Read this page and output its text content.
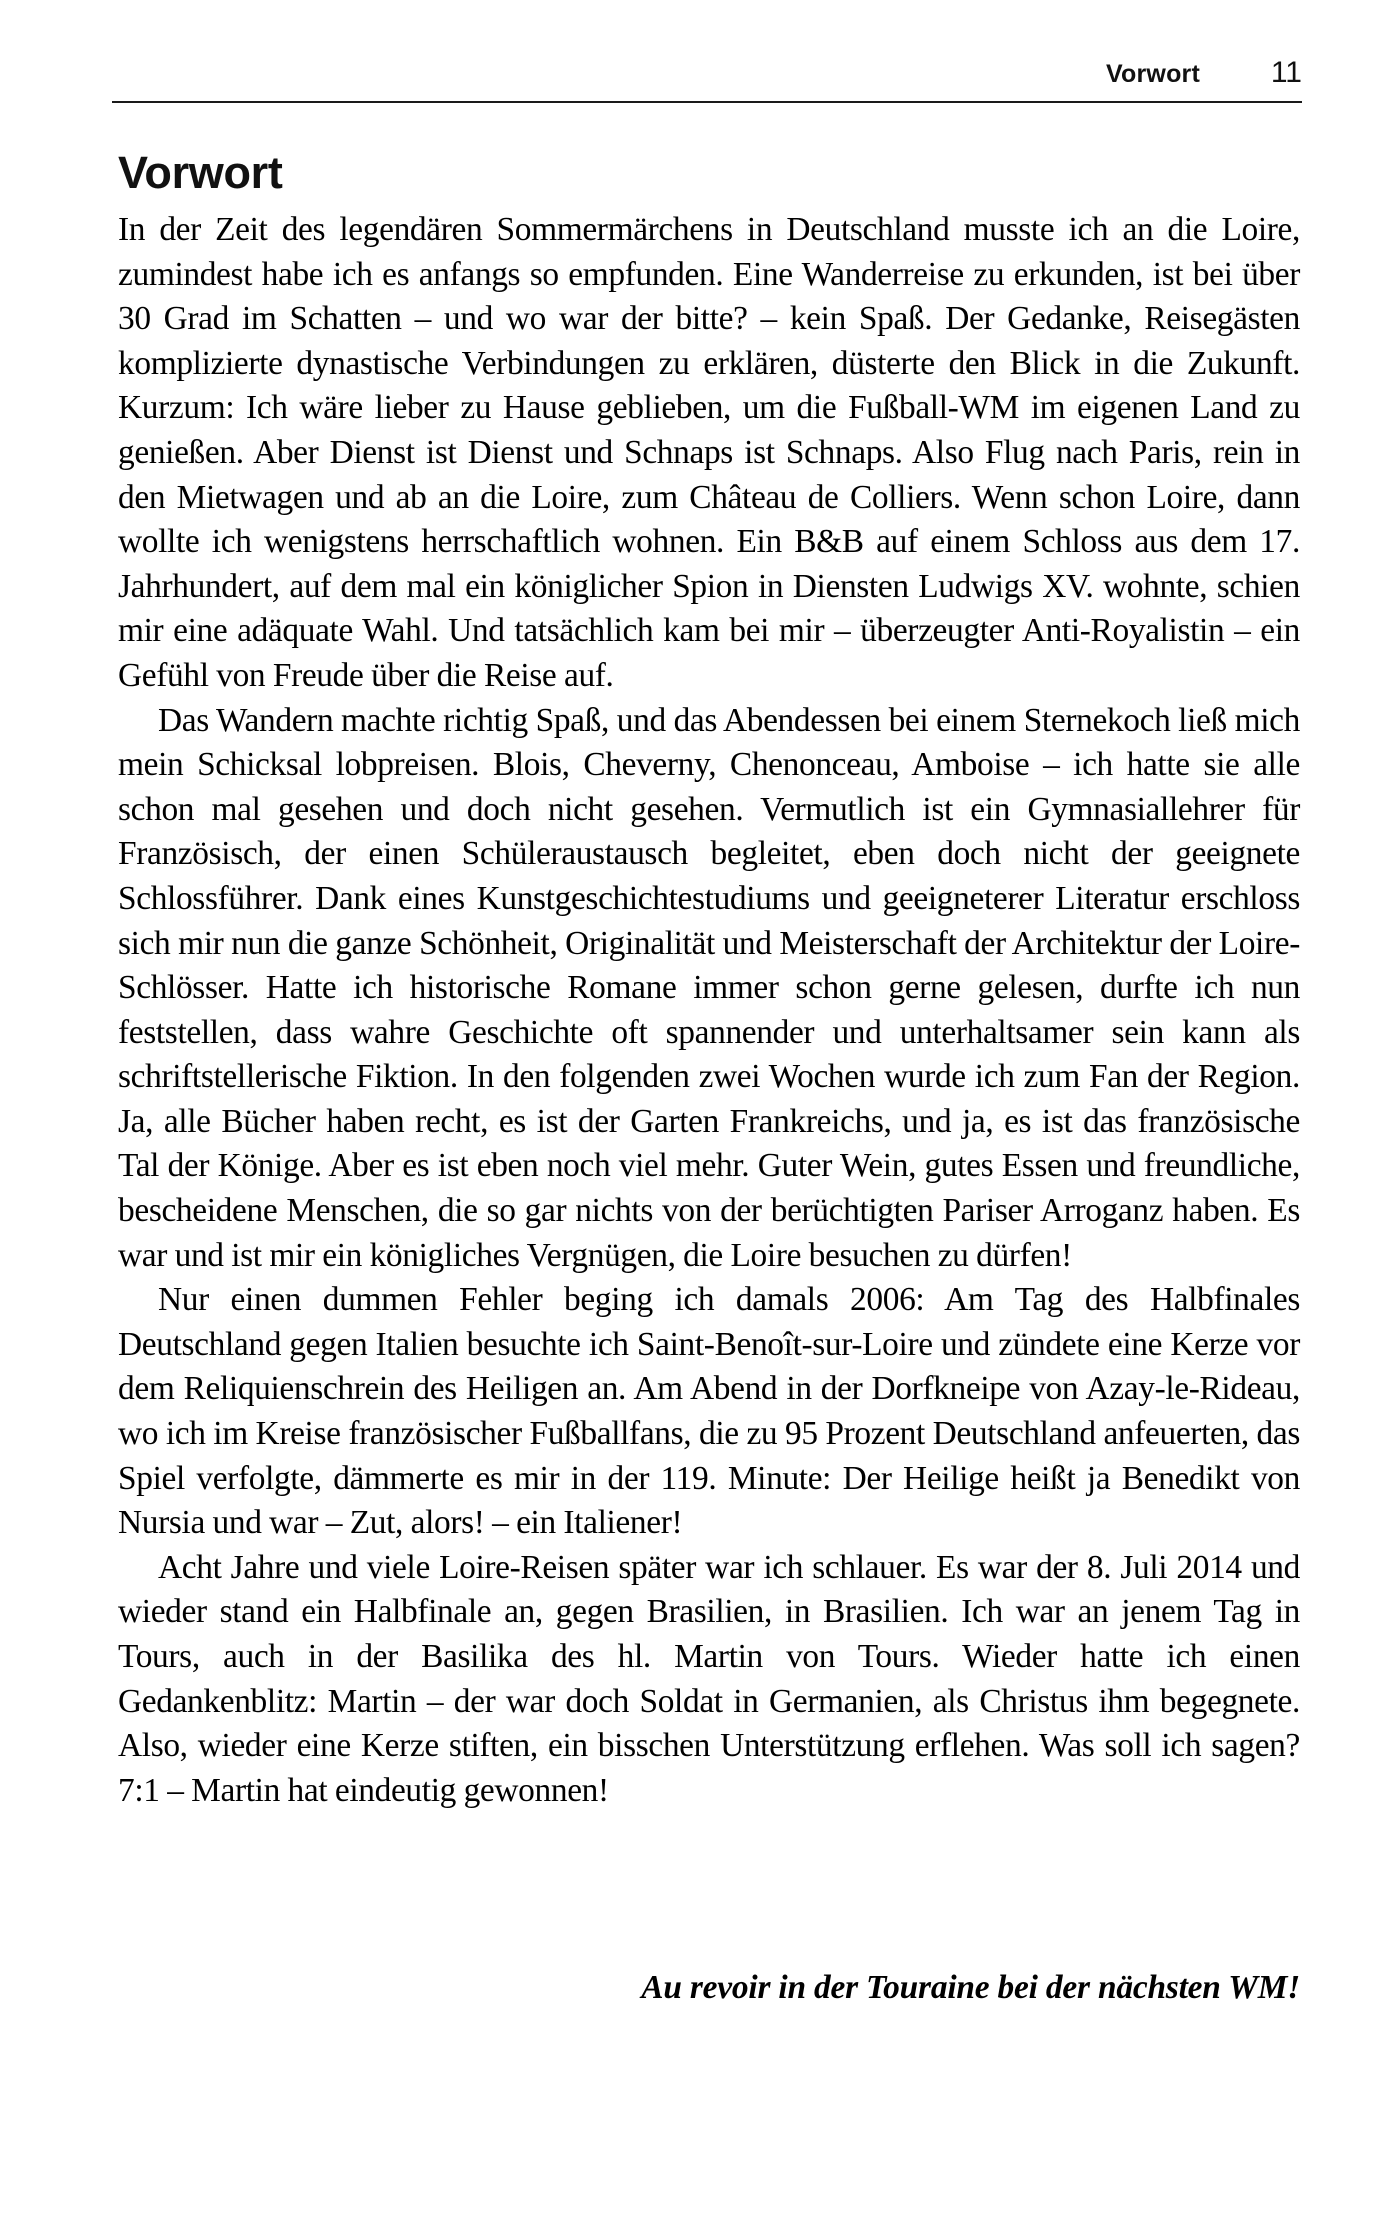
Vorwort 11
Vorwort

In der Zeit des legendären Sommermärchens in Deutschland musste ich an die Loire, zumindest habe ich es anfangs so empfunden. Eine Wanderreise zu erkunden, ist bei über 30 Grad im Schatten – und wo war der bitte? – kein Spaß. Der Gedanke, Reisegästen komplizierte dynastische Verbindungen zu erklären, düsterte den Blick in die Zukunft. Kurzum: Ich wäre lieber zu Hause geblieben, um die Fußball-WM im eigenen Land zu genießen. Aber Dienst ist Dienst und Schnaps ist Schnaps. Also Flug nach Paris, rein in den Mietwagen und ab an die Loire, zum Château de Colliers. Wenn schon Loire, dann wollte ich wenigstens herrschaftlich wohnen. Ein B&B auf einem Schloss aus dem 17. Jahrhundert, auf dem mal ein königlicher Spion in Diensten Ludwigs XV. wohnte, schien mir eine adäquate Wahl. Und tatsächlich kam bei mir – überzeugter Anti-Royalistin – ein Gefühl von Freude über die Reise auf.

Das Wandern machte richtig Spaß, und das Abendessen bei einem Sternekoch ließ mich mein Schicksal lobpreisen. Blois, Cheverny, Chenonceau, Amboise – ich hatte sie alle schon mal gesehen und doch nicht gesehen. Vermutlich ist ein Gymnasiallehrer für Französisch, der einen Schüleraustausch begleitet, eben doch nicht der geeignete Schlossführer. Dank eines Kunstgeschichtestudiums und geeigneterer Literatur erschloss sich mir nun die ganze Schönheit, Originalität und Meisterschaft der Architektur der Loire-Schlösser. Hatte ich historische Romane immer schon gerne gelesen, durfte ich nun feststellen, dass wahre Geschichte oft spannender und unterhaltsamer sein kann als schriftstellerische Fiktion. In den folgenden zwei Wochen wurde ich zum Fan der Region. Ja, alle Bücher haben recht, es ist der Garten Frankreichs, und ja, es ist das französische Tal der Könige. Aber es ist eben noch viel mehr. Guter Wein, gutes Essen und freundliche, bescheidene Menschen, die so gar nichts von der berüchtigten Pariser Arroganz haben. Es war und ist mir ein königliches Vergnügen, die Loire besuchen zu dürfen!

Nur einen dummen Fehler beging ich damals 2006: Am Tag des Halbfinales Deutschland gegen Italien besuchte ich Saint-Benoît-sur-Loire und zündete eine Kerze vor dem Reliquienschrein des Heiligen an. Am Abend in der Dorfkneipe von Azay-le-Rideau, wo ich im Kreise französischer Fußballfans, die zu 95 Prozent Deutschland anfeuerten, das Spiel verfolgte, dämmerte es mir in der 119. Minute: Der Heilige heißt ja Benedikt von Nursia und war – Zut, alors! – ein Italiener!

Acht Jahre und viele Loire-Reisen später war ich schlauer. Es war der 8. Juli 2014 und wieder stand ein Halbfinale an, gegen Brasilien, in Brasilien. Ich war an jenem Tag in Tours, auch in der Basilika des hl. Martin von Tours. Wieder hatte ich einen Gedankenblitz: Martin – der war doch Soldat in Germanien, als Christus ihm begegnete. Also, wieder eine Kerze stiften, ein bisschen Unterstützung erflehen. Was soll ich sagen? 7:1 – Martin hat eindeutig gewonnen!

Au revoir in der Touraine bei der nächsten WM!
